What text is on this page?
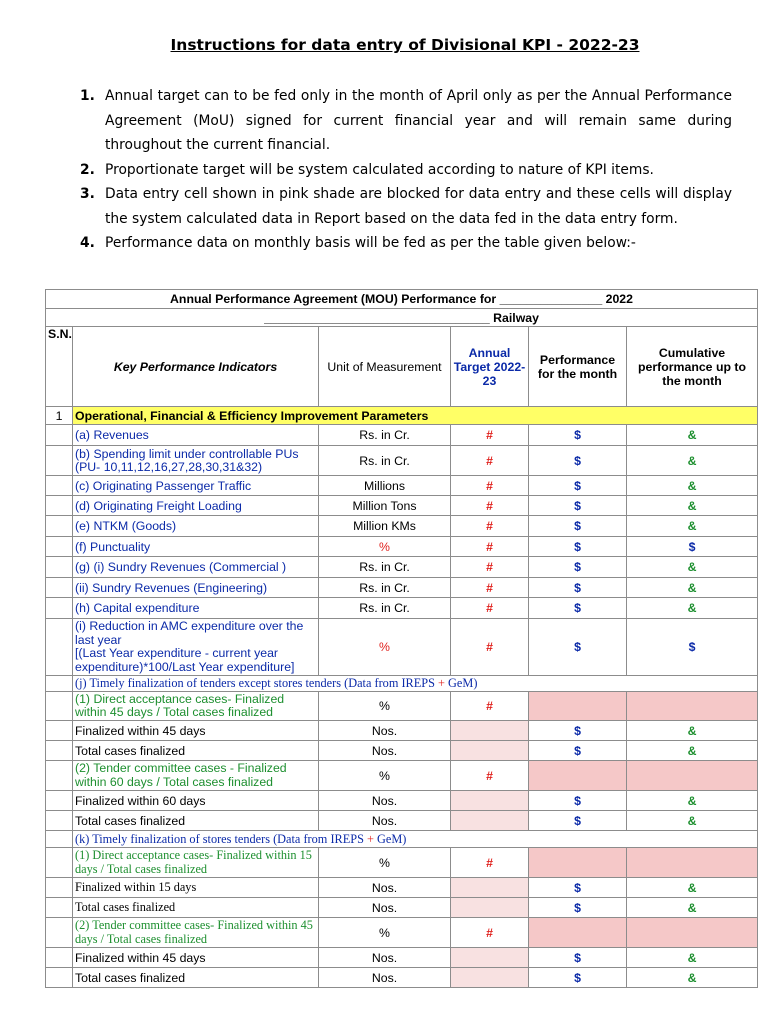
Instructions for data entry of Divisional KPI - 2022-23
1. Annual target can to be fed only in the month of April only as per the Annual Performance Agreement (MoU) signed for current financial year and will remain same during throughout the current financial.
2. Proportionate target will be system calculated according to nature of KPI items.
3. Data entry cell shown in pink shade are blocked for data entry and these cells will display the system calculated data in Report based on the data fed in the data entry form.
4. Performance data on monthly basis will be fed as per the table given below:-
Annual Performance Agreement (MOU) Performance for _______________ 2022					
_________________________________ Railway					
S.N.	Key Performance Indicators	Unit of Measurement	Annual Target 2022-23	Performance for the month	Cumulative performance up to the month
1	Operational, Financial & Efficiency Improvement Parameters				
	(a) Revenues	Rs. in Cr.	#	$	&
	(b) Spending limit under controllable PUs (PU- 10,11,12,16,27,28,30,31&32)	Rs. in Cr.	#	$	&
	(c) Originating Passenger Traffic	Millions	#	$	&
	(d) Originating Freight Loading	Million Tons	#	$	&
	(e) NTKM (Goods)	Million KMs	#	$	&
	(f) Punctuality	%	#	$	$
	(g) (i) Sundry Revenues (Commercial )	Rs. in Cr.	#	$	&
	(ii) Sundry Revenues (Engineering)	Rs. in Cr.	#	$	&
	(h) Capital expenditure	Rs. in Cr.	#	$	&
	(i) Reduction in AMC expenditure over the last year
[(Last Year expenditure - current year expenditure)*100/Last Year expenditure]	%	#	$	$
	(j) Timely finalization of tenders except stores tenders (Data from IREPS + GeM)				
	(1) Direct acceptance cases- Finalized within 45 days / Total cases finalized	%	#		
	Finalized within 45 days	Nos.		$	&
	Total cases finalized	Nos.		$	&
	(2) Tender committee cases - Finalized within 60 days / Total cases finalized	%	#		
	Finalized within 60 days	Nos.		$	&
	Total cases finalized	Nos.		$	&
	(k) Timely finalization of stores tenders (Data from IREPS + GeM)				
	(1) Direct acceptance cases- Finalized within 15 days / Total cases finalized	%	#		
	Finalized within 15 days	Nos.		$	&
	Total cases finalized	Nos.		$	&
	(2) Tender committee cases- Finalized within 45 days / Total cases finalized	%	#		
	Finalized within 45 days	Nos.		$	&
	Total cases finalized	Nos.		$	&
